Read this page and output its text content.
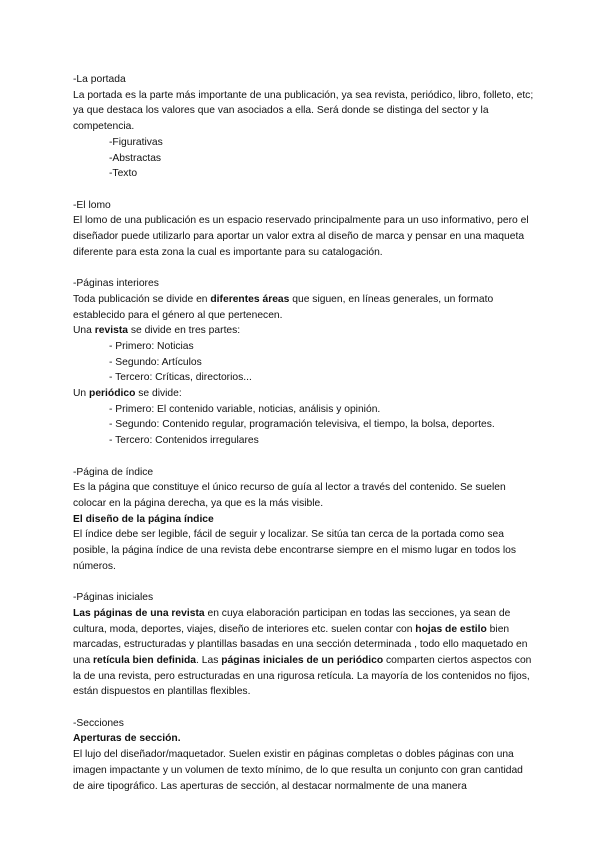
-La portada

La portada es la parte más importante de una publicación, ya sea revista, periódico, libro, folleto, etc; ya que destaca los valores que van asociados a ella. Será donde se distinga del sector y la competencia.

-Figurativas

-Abstractas

-Texto

-El lomo

El lomo de una publicación es un espacio reservado principalmente para un uso informativo, pero el diseñador puede utilizarlo para aportar un valor extra al diseño de marca y pensar en una maqueta diferente para esta zona la cual es importante para su catalogación.

-Páginas interiores

Toda publicación se divide en diferentes áreas que siguen, en líneas generales, un formato establecido para el género al que pertenecen.

Una revista se divide en tres partes:

- Primero: Noticias

- Segundo: Artículos

- Tercero: Críticas, directorios...

Un periódico se divide:

- Primero: El contenido variable, noticias, análisis y opinión.

- Segundo: Contenido regular, programación televisiva, el tiempo, la bolsa, deportes.

- Tercero: Contenidos irregulares

-Página de índice

Es la página que constituye el único recurso de guía al lector a través del contenido. Se suelen colocar en la página derecha, ya que es la más visible.

El diseño de la página índice

El índice debe ser legible, fácil de seguir y localizar. Se sitúa tan cerca de la portada como sea posible, la página índice de una revista debe encontrarse siempre en el mismo lugar en todos los números.

-Páginas iniciales

Las páginas de una revista en cuya elaboración participan en todas las secciones, ya sean de cultura, moda, deportes, viajes, diseño de interiores etc. suelen contar con hojas de estilo bien marcadas, estructuradas y plantillas basadas en una sección determinada , todo ello maquetado en una retícula bien definida. Las páginas iniciales de un periódico comparten ciertos aspectos con la de una revista, pero estructuradas en una rigurosa retícula. La mayoría de los contenidos no fijos, están dispuestos en plantillas flexibles.

-Secciones

Aperturas de sección.

El lujo del diseñador/maquetador. Suelen existir en páginas completas o dobles páginas con una imagen impactante y un volumen de texto mínimo, de lo que resulta un conjunto con gran cantidad de aire tipográfico. Las aperturas de sección, al destacar normalmente de una manera
